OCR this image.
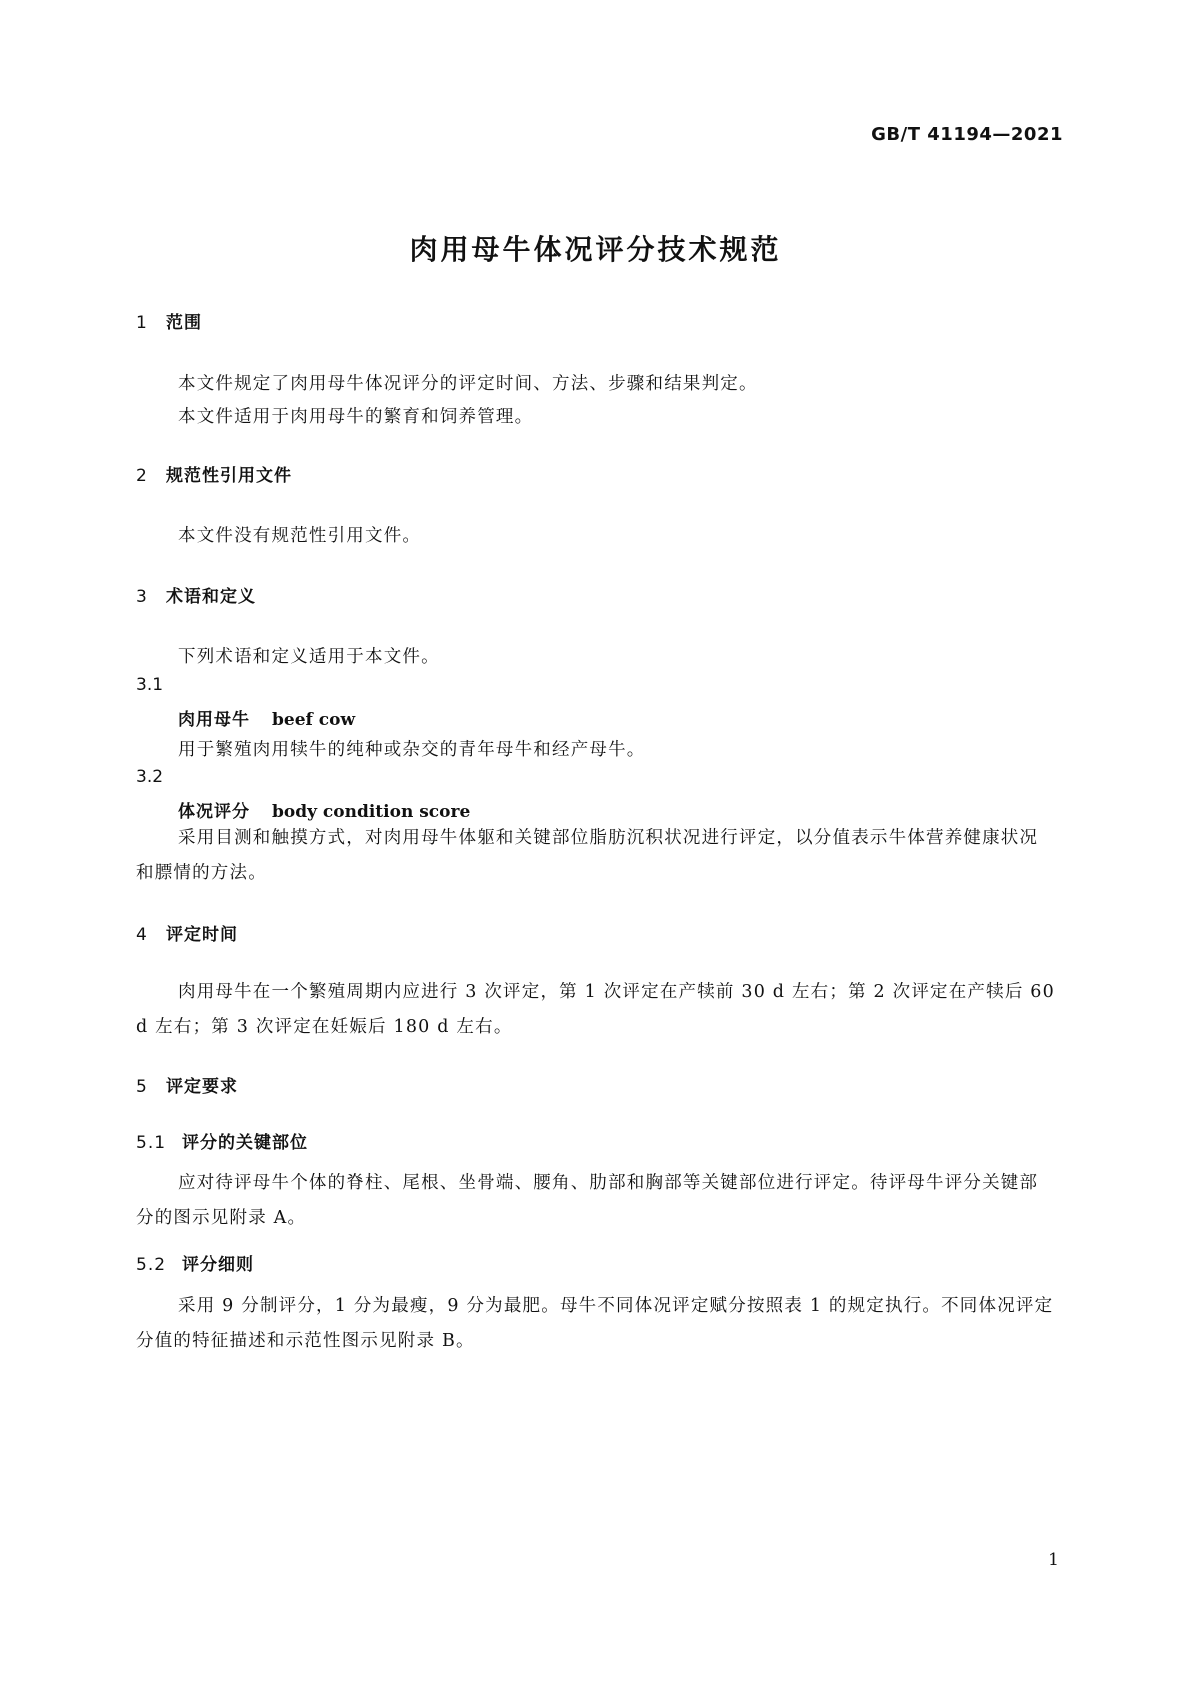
GB/T 41194—2021
肉用母牛体况评分技术规范
1 范围
本文件规定了肉用母牛体况评分的评定时间、方法、步骤和结果判定。
本文件适用于肉用母牛的繁育和饲养管理。
2 规范性引用文件
本文件没有规范性引用文件。
3 术语和定义
下列术语和定义适用于本文件。
3.1
肉用母牛 beef cow
用于繁殖肉用犊牛的纯种或杂交的青年母牛和经产母牛。
3.2
体况评分 body condition score
采用目测和触摸方式，对肉用母牛体躯和关键部位脂肪沉积状况进行评定，以分值表示牛体营养健康状况和膘情的方法。
4 评定时间
肉用母牛在一个繁殖周期内应进行 3 次评定，第 1 次评定在产犊前 30 d 左右；第 2 次评定在产犊后 60 d 左右；第 3 次评定在妊娠后 180 d 左右。
5 评定要求
5.1 评分的关键部位
应对待评母牛个体的脊柱、尾根、坐骨端、腰角、肋部和胸部等关键部位进行评定。待评母牛评分关键部分的图示见附录 A。
5.2 评分细则
采用 9 分制评分，1 分为最瘦，9 分为最肥。母牛不同体况评定赋分按照表 1 的规定执行。不同体况评定分值的特征描述和示范性图示见附录 B。
1
